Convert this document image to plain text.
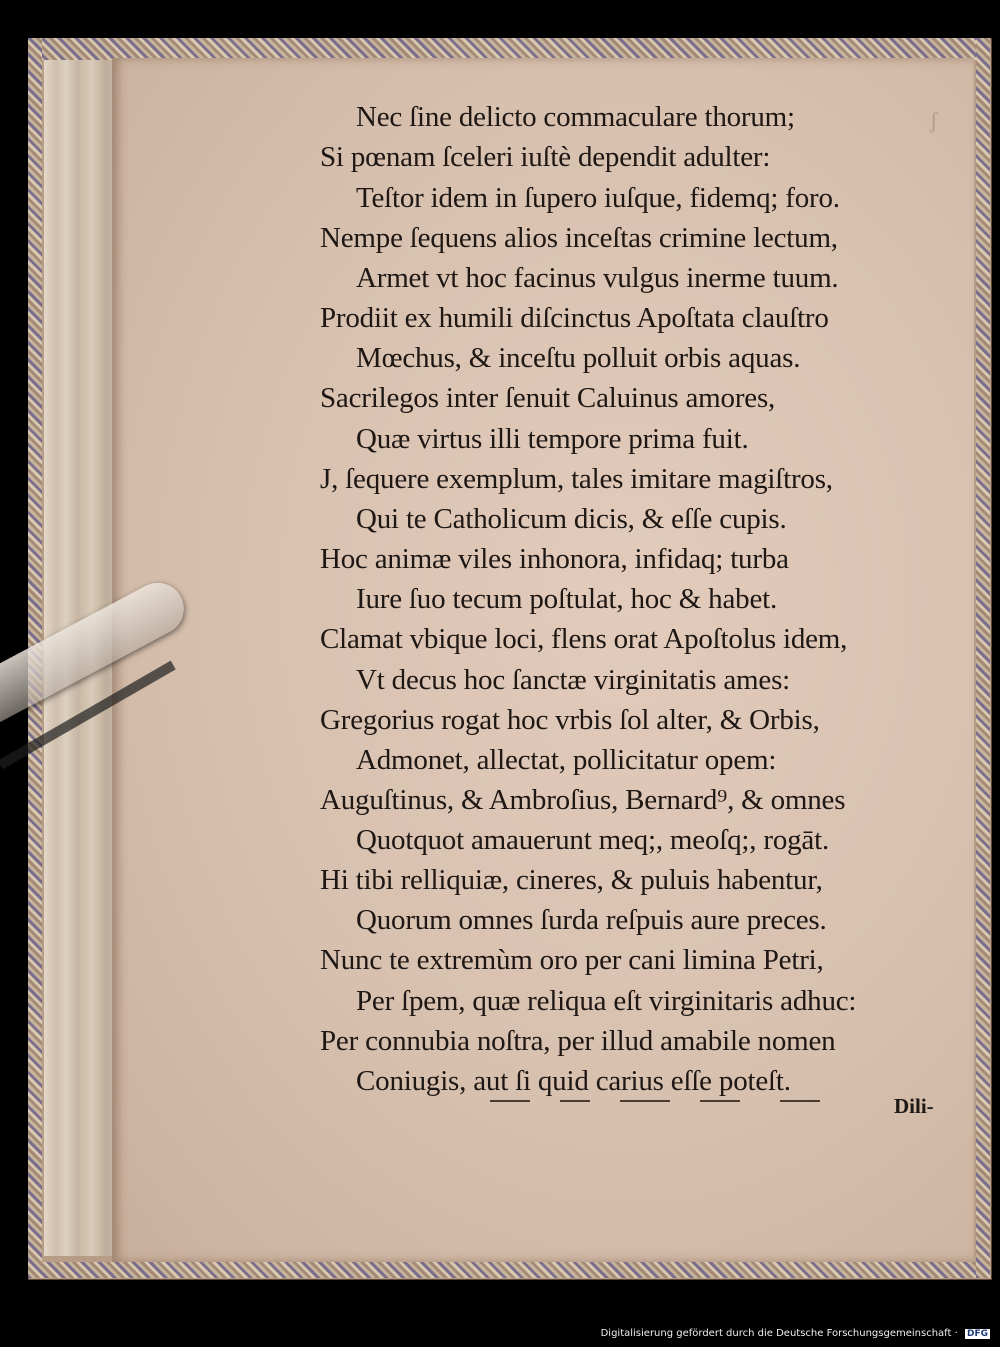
ʃ
Nec ſine delicto commaculare thorum;
Si pœnam ſceleri iuſtè dependit adulter:
Teſtor idem in ſupero iuſque, fidemq; foro.
Nempe ſequens alios inceſtas crimine lectum,
Armet vt hoc facinus vulgus inerme tuum.
Prodiit ex humili diſcinctus Apoſtata clauſtro
Mœchus, & inceſtu polluit orbis aquas.
Sacrilegos inter ſenuit Caluinus amores,
Quæ virtus illi tempore prima fuit.
J, ſequere exemplum, tales imitare magiſtros,
Qui te Catholicum dicis, & eſſe cupis.
Hoc animæ viles inhonora, infidaq; turba
Iure ſuo tecum poſtulat, hoc & habet.
Clamat vbique loci, flens orat Apoſtolus idem,
Vt decus hoc ſanctæ virginitatis ames:
Gregorius rogat hoc vrbis ſol alter, & Orbis,
Admonet, allectat, pollicitatur opem:
Auguſtinus, & Ambroſius, Bernard⁹, & omnes
Quotquot amauerunt meq;, meoſq;, rogāt.
Hi tibi relliquiæ, cineres, & puluis habentur,
Quorum omnes ſurda reſpuis aure preces.
Nunc te extremùm oro per cani limina Petri,
Per ſpem, quæ reliqua eſt virginitaris adhuc:
Per connubia noſtra, per illud amabile nomen
Coniugis, aut ſi quid carius eſſe poteſt.
Dili-
Digitalisierung gefördert durch die Deutsche Forschungsgemeinschaft · DFG
